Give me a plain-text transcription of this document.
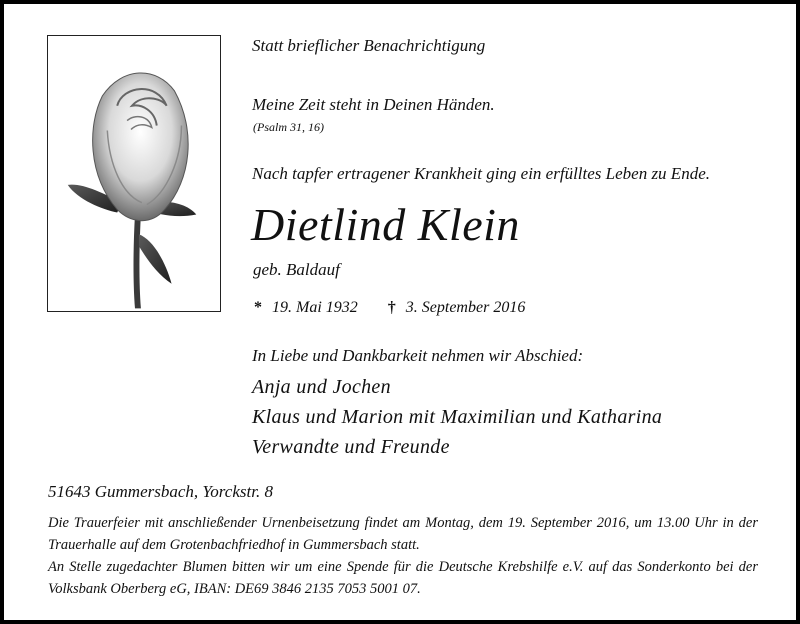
Statt brieflicher Benachrichtigung
Meine Zeit steht in Deinen Händen.
(Psalm 31, 16)
Nach tapfer ertragener Krankheit ging ein erfülltes Leben zu Ende.
Dietlind Klein
geb. Baldauf
* 19. Mai 1932 † 3. September 2016
In Liebe und Dankbarkeit nehmen wir Abschied:
Anja und Jochen
Klaus und Marion mit Maximilian und Katharina
Verwandte und Freunde
51643 Gummersbach, Yorckstr. 8
Die Trauerfeier mit anschließender Urnenbeisetzung findet am Montag, dem 19. September 2016, um 13.00 Uhr in der Trauerhalle auf dem Grotenbachfriedhof in Gummersbach statt.
An Stelle zugedachter Blumen bitten wir um eine Spende für die Deutsche Krebshilfe e.V. auf das Sonderkonto bei der Volksbank Oberberg eG, IBAN: DE69 3846 2135 7053 5001 07.
